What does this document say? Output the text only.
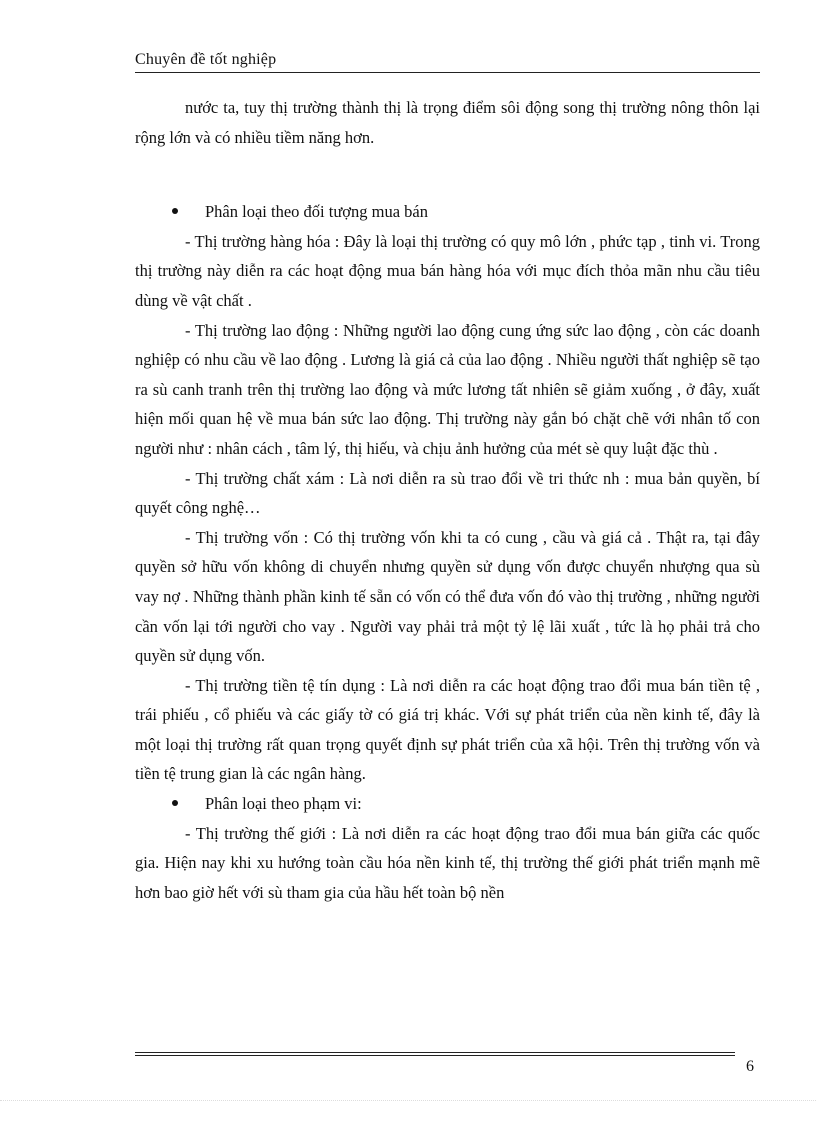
Chuyên đề tốt nghiệp

nước ta, tuy thị trường thành thị là trọng điểm sôi động song thị trường nông thôn lại rộng lớn và có nhiều tiềm năng hơn.

Phân loại theo đối tượng mua bán

- Thị trường hàng hóa : Đây là loại thị trường có quy mô lớn , phức tạp , tinh vi. Trong thị trường này diễn ra các hoạt động mua bán hàng hóa với mục đích thỏa mãn nhu cầu tiêu dùng về vật chất .

- Thị trường lao động : Những người lao động cung ứng sức lao động , còn các doanh nghiệp có nhu cầu về lao động . Lương là giá cả của lao động . Nhiều người thất nghiệp sẽ tạo ra sù canh tranh trên thị trường lao động và mức lương tất nhiên sẽ giảm xuống , ở đây, xuất hiện mối quan hệ về mua bán sức lao động. Thị trường này gắn bó chặt chẽ với nhân tố con người như : nhân cách , tâm lý, thị hiếu, và chịu ảnh hưởng của mét sè quy luật đặc thù .

- Thị trường chất xám : Là nơi diễn ra sù trao đổi về tri thức nh : mua bản quyền, bí quyết công nghệ…

- Thị trường vốn : Có thị trường vốn khi ta có cung , cầu và giá cả . Thật ra, tại đây quyền sở hữu vốn không di chuyển nhưng quyền sử dụng vốn được chuyển nhượng qua sù vay nợ . Những thành phần kinh tế sẵn có vốn có thể đưa vốn đó vào thị trường , những người cần vốn lại tới người cho vay . Người vay phải trả một tỷ lệ lãi xuất , tức là họ phải trả cho quyền sử dụng vốn.

- Thị trường tiền tệ tín dụng : Là nơi diễn ra các hoạt động trao đổi mua bán tiền tệ , trái phiếu , cổ phiếu và các giấy tờ có giá trị khác. Với sự phát triển của nền kinh tế, đây là một loại thị trường rất quan trọng quyết định sự phát triển của xã hội. Trên thị trường vốn và tiền tệ trung gian là các ngân hàng.

Phân loại theo phạm vi:

- Thị trường thế giới : Là nơi diễn ra các hoạt động trao đổi mua bán giữa các quốc gia. Hiện nay khi xu hướng toàn cầu hóa nền kinh tế, thị trường thế giới phát triển mạnh mẽ hơn bao giờ hết với sù tham gia của hầu hết toàn bộ nền

6
